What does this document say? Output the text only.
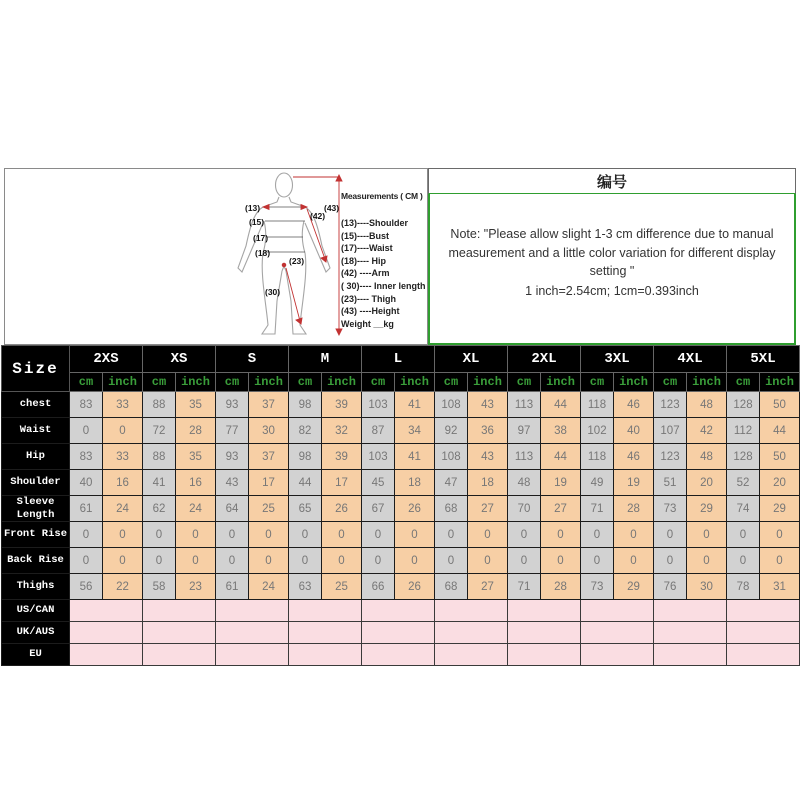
(13)
(15)
(17)
(18)
(23)
(30)
(42)
(43)
Measurements ( CM )
(13)----Shoulder
(15)----Bust
(17)----Waist
(18)---- Hip
(42) ----Arm
( 30)---- Inner length
(23)---- Thigh
(43) ----Height
Weight __kg
编号

Note: "Please allow slight 1-3 cm difference due to manual measurement and a little color variation for different display setting "

1 inch=2.54cm; 1cm=0.393inch

Size	2XS		XS		S		M		L		XL		2XL		3XL		4XL		5XL	
	cm	inch	cm	inch	cm	inch	cm	inch	cm	inch	cm	inch	cm	inch	cm	inch	cm	inch	cm	inch
chest	83	33	88	35	93	37	98	39	103	41	108	43	113	44	118	46	123	48	128	50
Waist	0	0	72	28	77	30	82	32	87	34	92	36	97	38	102	40	107	42	112	44
Hip	83	33	88	35	93	37	98	39	103	41	108	43	113	44	118	46	123	48	128	50
Shoulder	40	16	41	16	43	17	44	17	45	18	47	18	48	19	49	19	51	20	52	20
Sleeve Length	61	24	62	24	64	25	65	26	67	26	68	27	70	27	71	28	73	29	74	29
Front Rise	0	0	0	0	0	0	0	0	0	0	0	0	0	0	0	0	0	0	0	0
Back Rise	0	0	0	0	0	0	0	0	0	0	0	0	0	0	0	0	0	0	0	0
Thighs	56	22	58	23	61	24	63	25	66	26	68	27	71	28	73	29	76	30	78	31
US/CAN																				
UK/AUS																				
EU																				
